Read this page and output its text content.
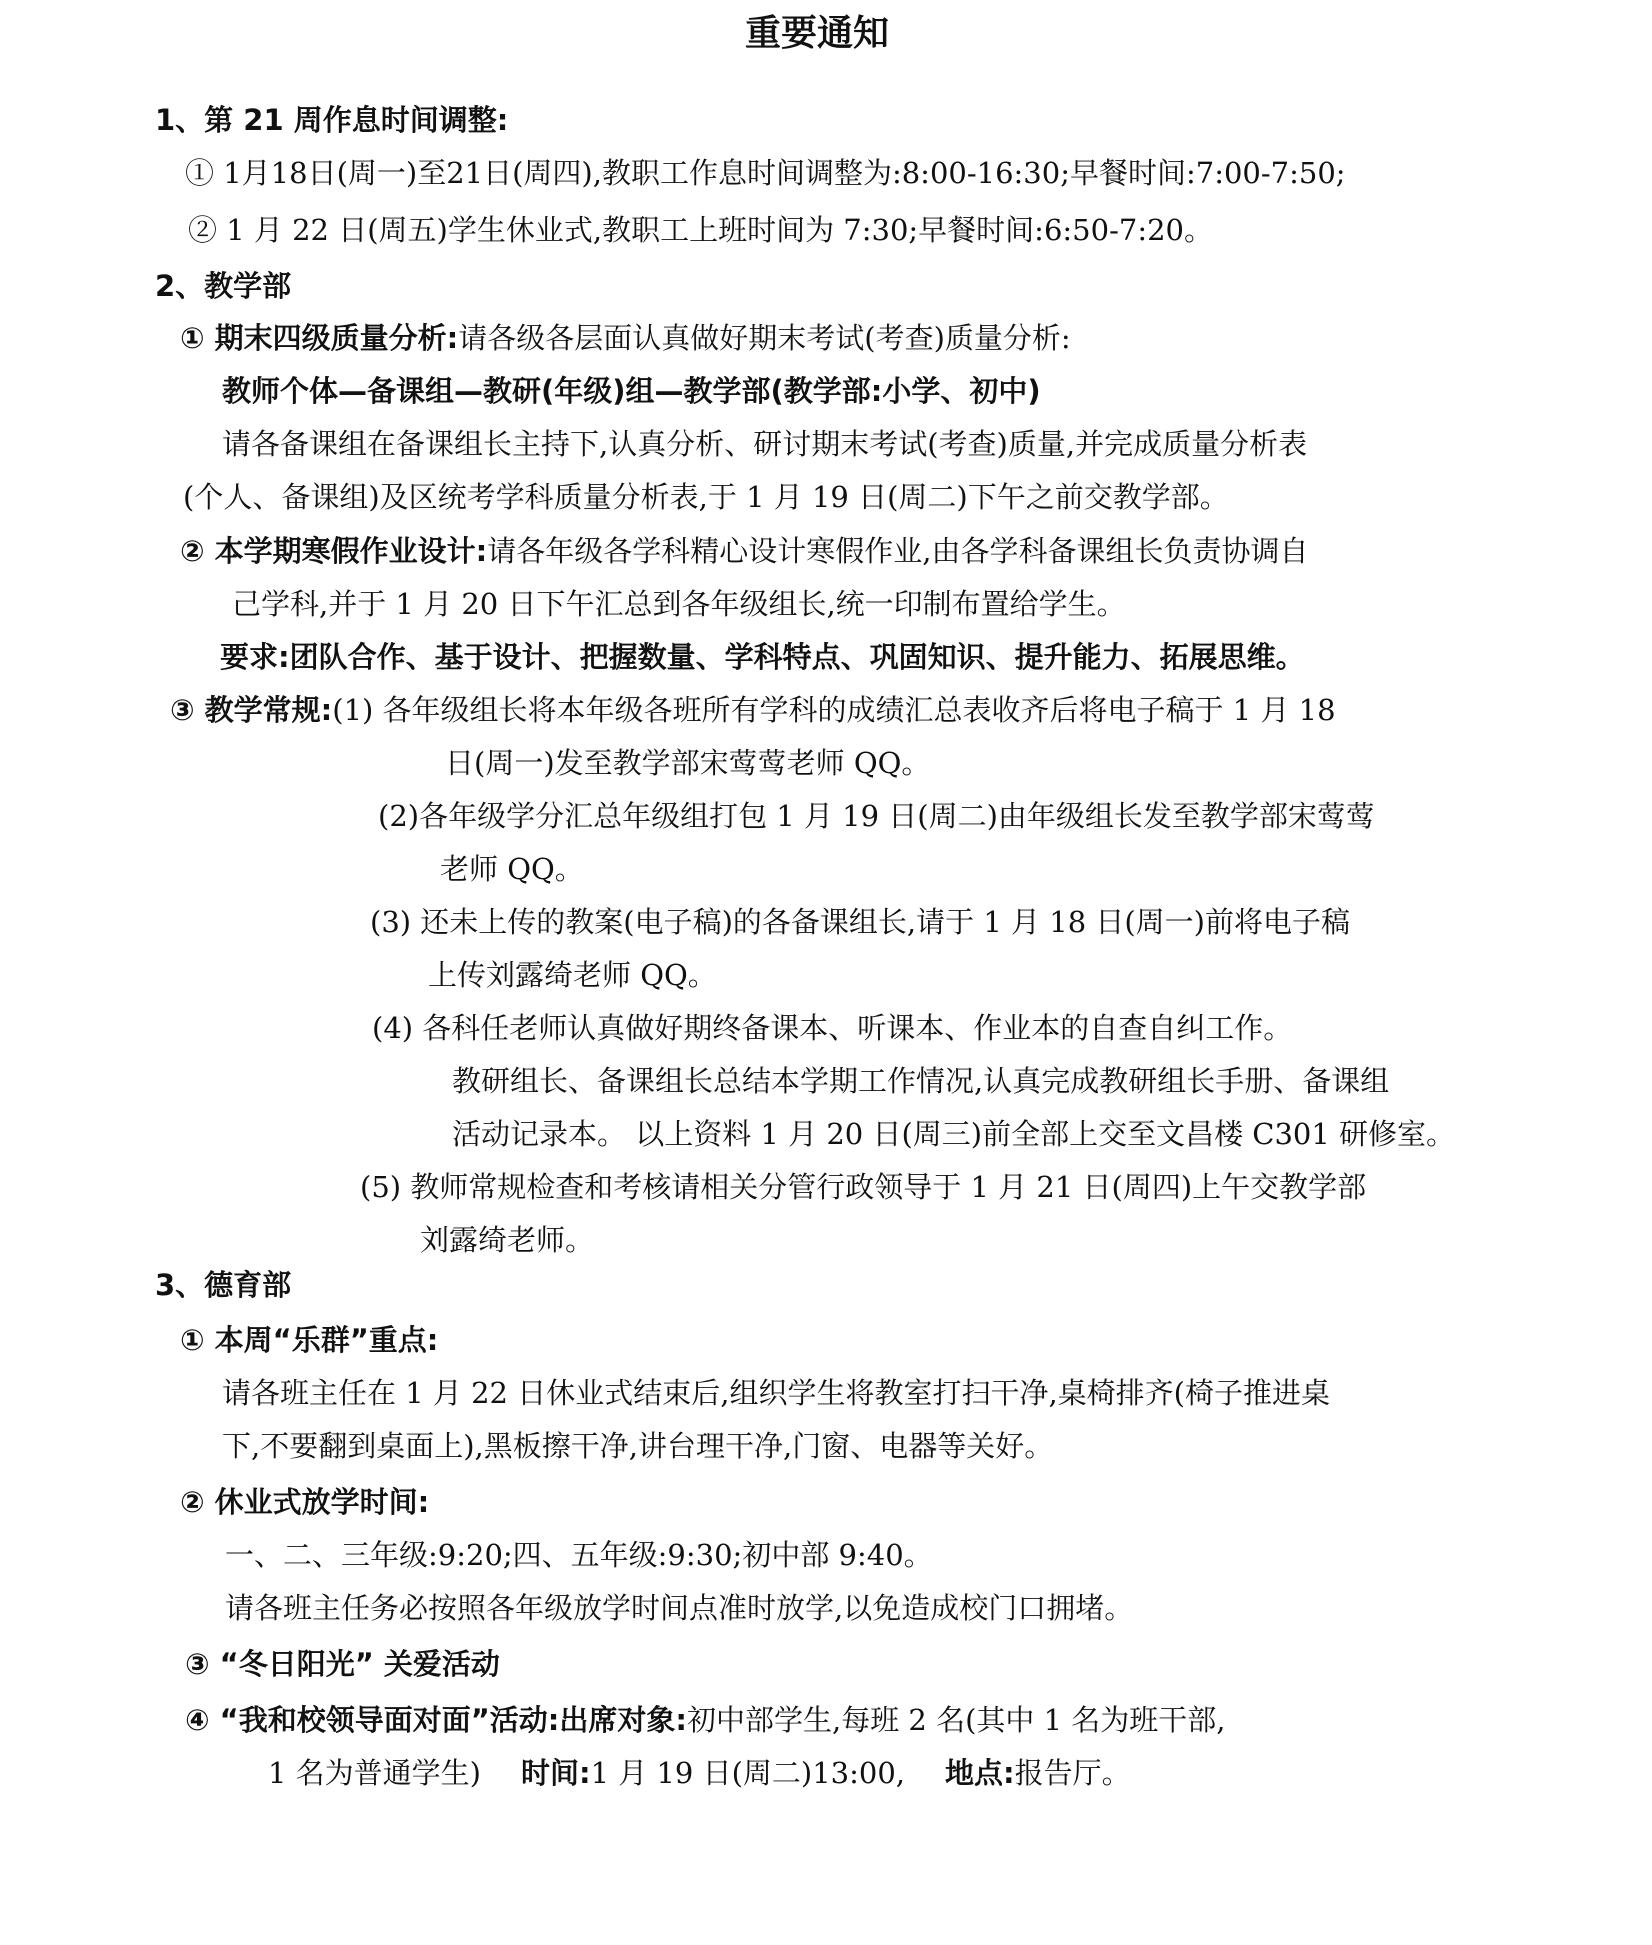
重要通知
1、第 21 周作息时间调整:
① 1月18日(周一)至21日(周四),教职工作息时间调整为:8:00-16:30;早餐时间:7:00-7:50;
② 1 月 22 日(周五)学生休业式,教职工上班时间为 7:30;早餐时间:6:50-7:20。
2、教学部
① 期末四级质量分析:请各级各层面认真做好期末考试(考查)质量分析:
教师个体—备课组—教研(年级)组—教学部(教学部:小学、初中)
请各备课组在备课组长主持下,认真分析、研讨期末考试(考查)质量,并完成质量分析表
(个人、备课组)及区统考学科质量分析表,于 1 月 19 日(周二)下午之前交教学部。
② 本学期寒假作业设计:请各年级各学科精心设计寒假作业,由各学科备课组长负责协调自
己学科,并于 1 月 20 日下午汇总到各年级组长,统一印制布置给学生。
要求:团队合作、基于设计、把握数量、学科特点、巩固知识、提升能力、拓展思维。
③ 教学常规:(1) 各年级组长将本年级各班所有学科的成绩汇总表收齐后将电子稿于 1 月 18
日(周一)发至教学部宋莺莺老师 QQ。
(2)各年级学分汇总年级组打包 1 月 19 日(周二)由年级组长发至教学部宋莺莺
老师 QQ。
(3) 还未上传的教案(电子稿)的各备课组长,请于 1 月 18 日(周一)前将电子稿
上传刘露绮老师 QQ。
(4) 各科任老师认真做好期终备课本、听课本、作业本的自查自纠工作。
教研组长、备课组长总结本学期工作情况,认真完成教研组长手册、备课组
活动记录本。 以上资料 1 月 20 日(周三)前全部上交至文昌楼 C301 研修室。
(5) 教师常规检查和考核请相关分管行政领导于 1 月 21 日(周四)上午交教学部
刘露绮老师。
3、德育部
① 本周“乐群”重点:
请各班主任在 1 月 22 日休业式结束后,组织学生将教室打扫干净,桌椅排齐(椅子推进桌
下,不要翻到桌面上),黑板擦干净,讲台理干净,门窗、电器等关好。
② 休业式放学时间:
一、二、三年级:9:20;四、五年级:9:30;初中部 9:40。
请各班主任务必按照各年级放学时间点准时放学,以免造成校门口拥堵。
③ “冬日阳光” 关爱活动
④ “我和校领导面对面”活动:出席对象:初中部学生,每班 2 名(其中 1 名为班干部,
1 名为普通学生) 时间:1 月 19 日(周二)13:00, 地点:报告厅。
